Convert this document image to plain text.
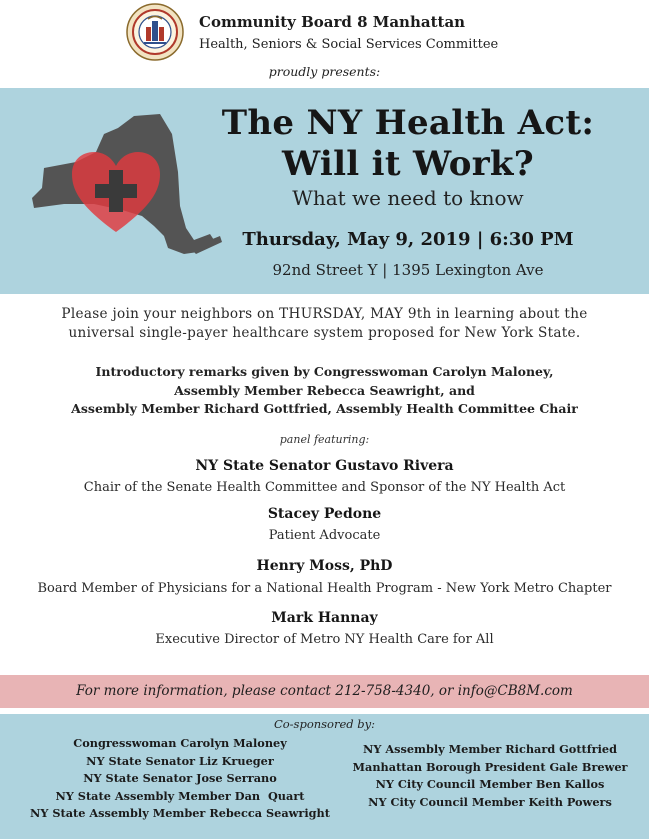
Community Board 8 Manhattan
Health, Seniors & Social Services Committee
proudly presents:
The NY Health Act:
Will it Work?
What we need to know
Thursday, May 9, 2019 | 6:30 PM
92nd Street Y | 1395 Lexington Ave
Please join your neighbors on THURSDAY, MAY 9th in learning about the
universal single-payer healthcare system proposed for New York State.
Introductory remarks given by Congresswoman Carolyn Maloney,
Assembly Member Rebecca Seawright, and
Assembly Member Richard Gottfried, Assembly Health Committee Chair
panel featuring:
NY State Senator Gustavo Rivera
Chair of the Senate Health Committee and Sponsor of the NY Health Act
Stacey Pedone
Patient Advocate
Henry Moss, PhD
Board Member of Physicians for a National Health Program - New York Metro Chapter
Mark Hannay
Executive Director of Metro NY Health Care for All
For more information, please contact 212-758-4340, or info@CB8M.com
Co-sponsored by:
Congresswoman Carolyn Maloney
NY State Senator Liz Krueger
NY State Senator Jose Serrano
NY State Assembly Member Dan  Quart
NY State Assembly Member Rebecca Seawright
NY Assembly Member Richard Gottfried
Manhattan Borough President Gale Brewer
NY City Council Member Ben Kallos
NY City Council Member Keith Powers
